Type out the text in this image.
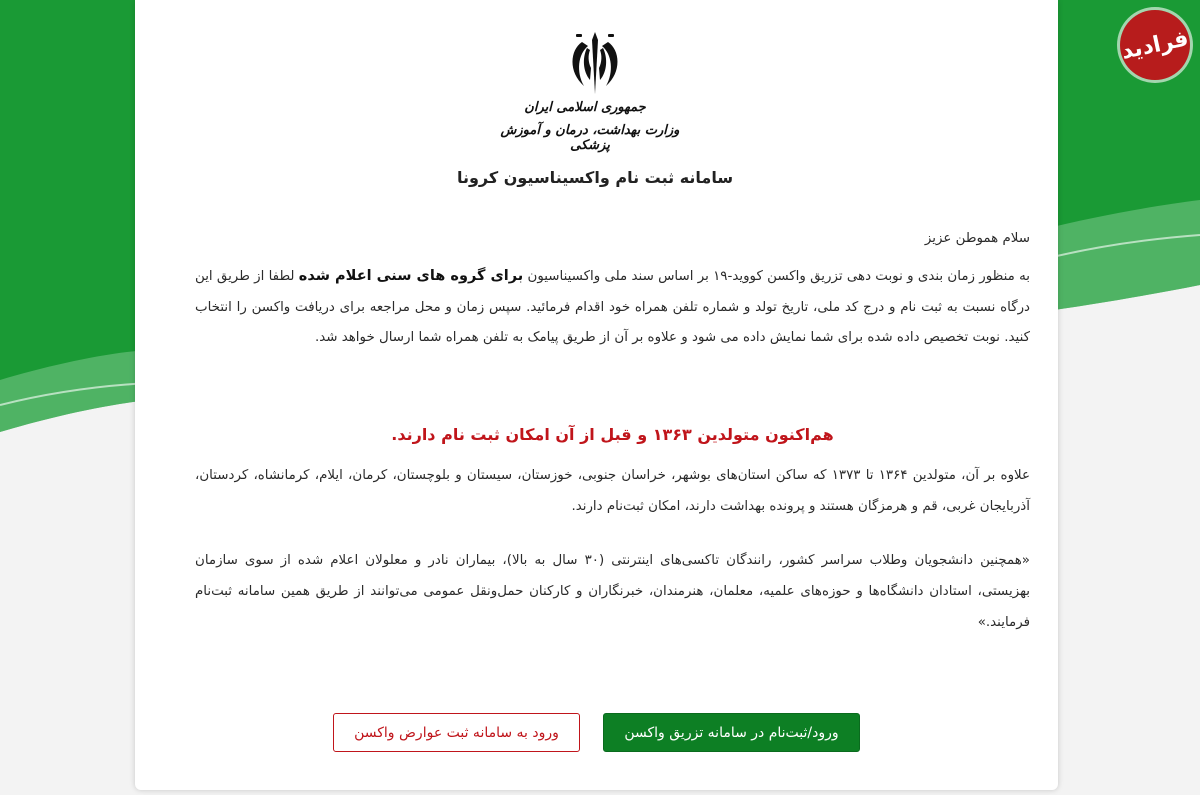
جمهوری اسلامی ایران
وزارت بهداشت، درمان و آموزش پزشکی
سامانه ثبت نام واکسیناسیون کرونا
سلام هموطن عزیز
به منظور زمان بندی و نوبت دهی تزریق واکسن کووید-۱۹ بر اساس سند ملی واکسیناسیون برای گروه های سنی اعلام شده لطفا از طریق این درگاه نسبت به ثبت نام و درج کد ملی، تاریخ تولد و شماره تلفن همراه خود اقدام فرمائید. سپس زمان و محل مراجعه برای دریافت واکسن را انتخاب کنید. نوبت تخصیص داده شده برای شما نمایش داده می شود و علاوه بر آن از طریق پیامک به تلفن همراه شما ارسال خواهد شد.
هم‌اکنون متولدین ۱۳۶۳ و قبل از آن امکان ثبت نام دارند.
علاوه بر آن، متولدین ۱۳۶۴ تا ۱۳۷۳ که ساکن استان‌های بوشهر، خراسان جنوبی، خوزستان، سیستان و بلوچستان، کرمان، ایلام، کرمانشاه، کردستان، آذربایجان غربی، قم و هرمزگان هستند و پرونده بهداشت دارند، امکان ثبت‌نام دارند.
«همچنین دانشجویان وطلاب سراسر کشور، رانندگان تاکسی‌های اینترنتی (۳۰ سال به بالا)، بیماران نادر و معلولان اعلام شده از سوی سازمان بهزیستی، استادان دانشگاه‌ها و حوزه‌های علمیه، معلمان، هنرمندان، خبرنگاران و کارکنان حمل‌ونقل عمومی می‌توانند از طریق همین سامانه ثبت‌نام فرمایند.»
ورود/ثبت‌نام در سامانه تزریق واکسن
ورود به سامانه ثبت عوارض واکسن
فرادید
